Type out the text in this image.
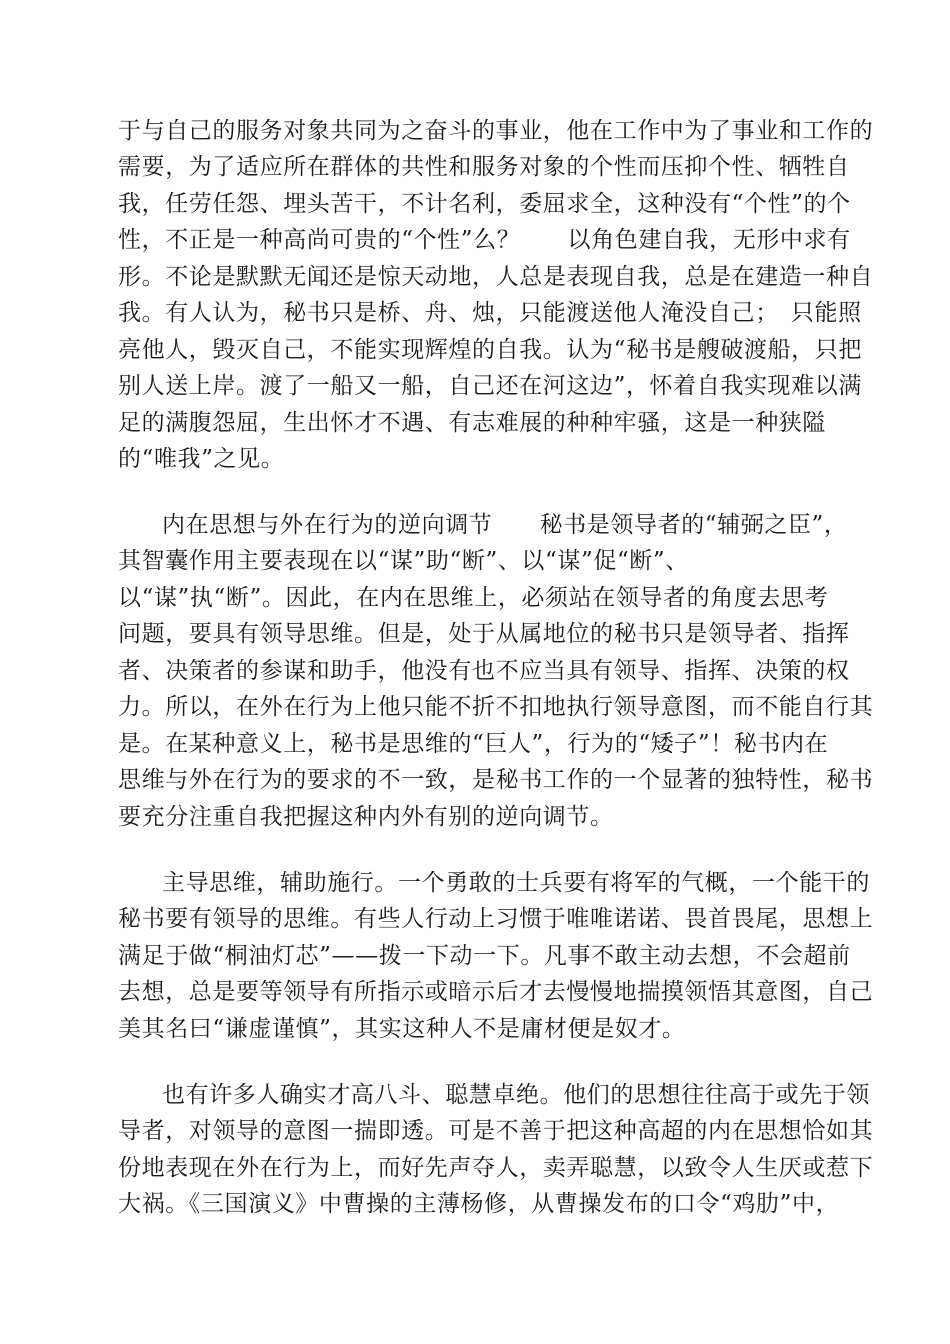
于与自己的服务对象共同为之奋斗的事业，他在工作中为了事业和工作的
需要，为了适应所在群体的共性和服务对象的个性而压抑个性、牺牲自
我，任劳任怨、埋头苦干，不计名利，委屈求全，这种没有“个性”的个
性，不正是一种高尚可贵的“个性”么？　　以角色建自我，无形中求有
形。不论是默默无闻还是惊天动地，人总是表现自我，总是在建造一种自
我。有人认为，秘书只是桥、舟、烛，只能渡送他人淹没自己；　只能照
亮他人，毁灭自己，不能实现辉煌的自我。认为“秘书是艘破渡船，只把
别人送上岸。渡了一船又一船，自己还在河这边”，怀着自我实现难以满
足的满腹怨屈，生出怀才不遇、有志难展的种种牢骚，这是一种狭隘
的“唯我”之见。
内在思想与外在行为的逆向调节　　秘书是领导者的“辅弼之臣”，
其智囊作用主要表现在以“谋”助“断”、以“谋”促“断”、
以“谋”执“断”。因此，在内在思维上，必须站在领导者的角度去思考
问题，要具有领导思维。但是，处于从属地位的秘书只是领导者、指挥
者、决策者的参谋和助手，他没有也不应当具有领导、指挥、决策的权
力。所以，在外在行为上他只能不折不扣地执行领导意图，而不能自行其
是。在某种意义上，秘书是思维的“巨人”，行为的“矮子”！秘书内在
思维与外在行为的要求的不一致，是秘书工作的一个显著的独特性，秘书
要充分注重自我把握这种内外有别的逆向调节。
主导思维，辅助施行。一个勇敢的士兵要有将军的气概，一个能干的
秘书要有领导的思维。有些人行动上习惯于唯唯诺诺、畏首畏尾，思想上
满足于做“桐油灯芯”——拨一下动一下。凡事不敢主动去想，不会超前
去想，总是要等领导有所指示或暗示后才去慢慢地揣摸领悟其意图，自己
美其名曰“谦虚谨慎”，其实这种人不是庸材便是奴才。
也有许多人确实才高八斗、聪慧卓绝。他们的思想往往高于或先于领
导者，对领导的意图一揣即透。可是不善于把这种高超的内在思想恰如其
份地表现在外在行为上，而好先声夺人，卖弄聪慧，以致令人生厌或惹下
大祸。《三国演义》中曹操的主薄杨修，从曹操发布的口令“鸡肋”中，
